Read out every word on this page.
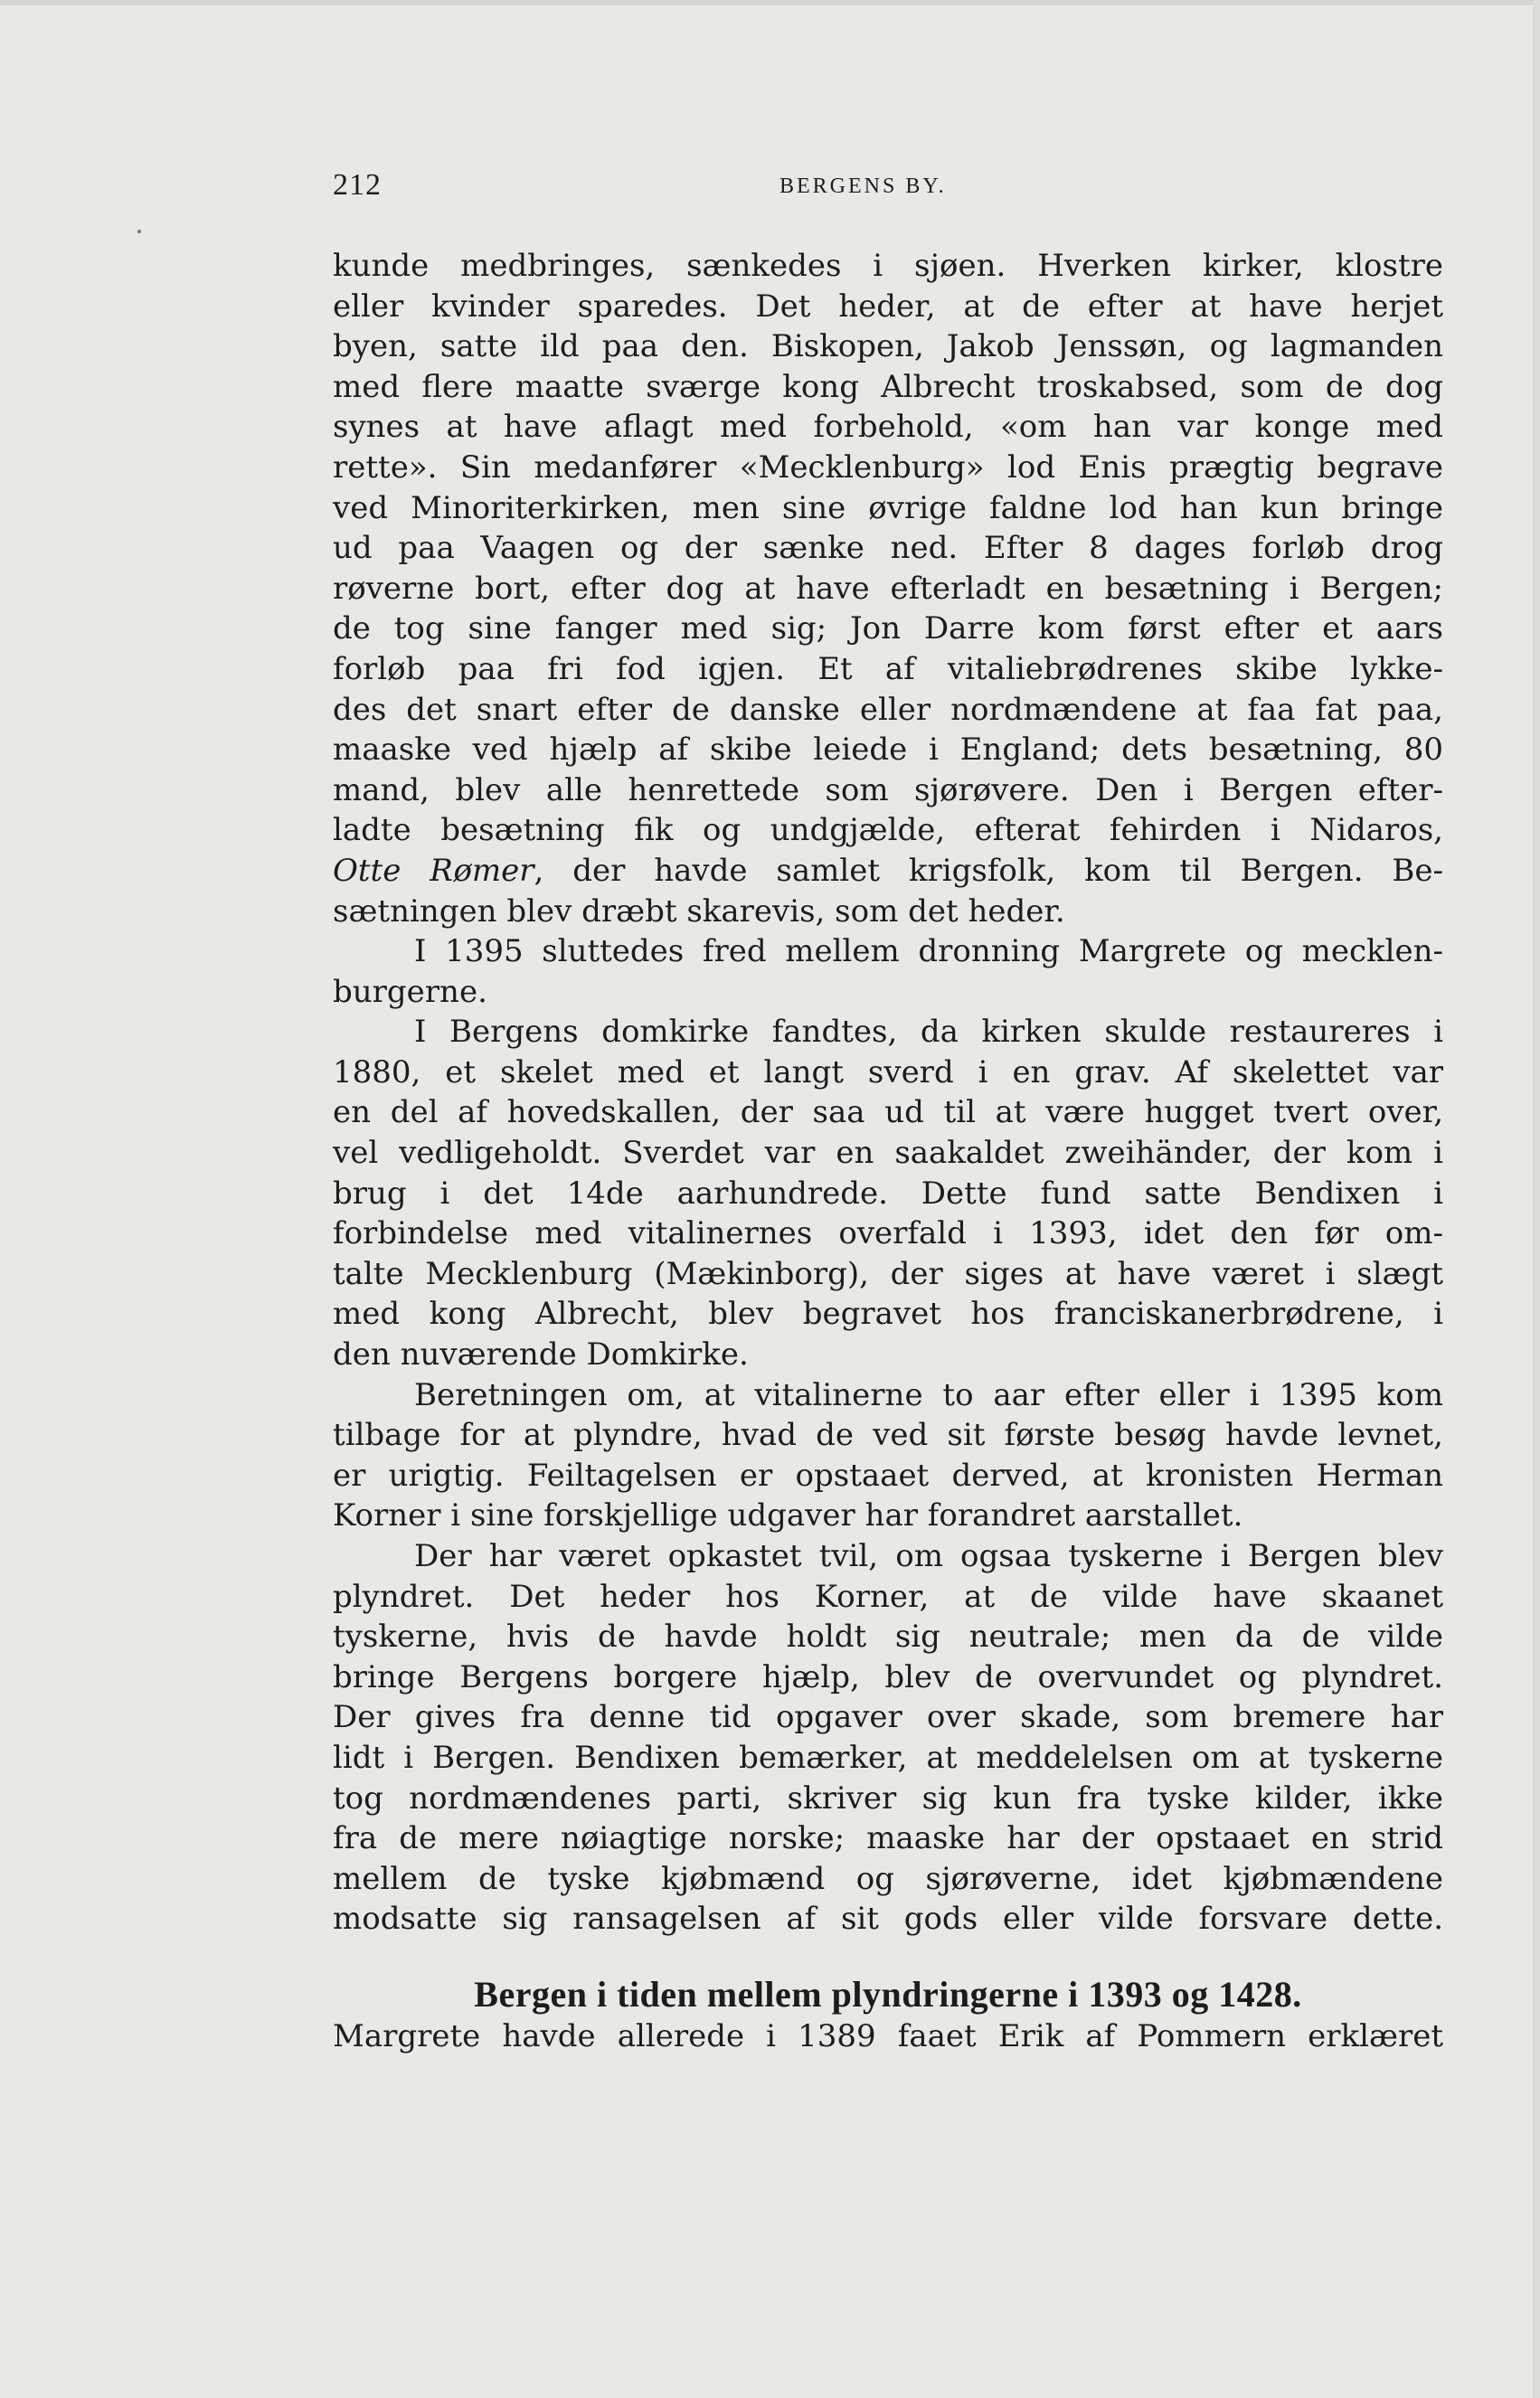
212	BERGENS BY.
kunde medbringes, sænkedes i sjøen. Hverken kirker, klostre
eller kvinder sparedes. Det heder, at de efter at have herjet
byen, satte ild paa den. Biskopen, Jakob Jenssøn, og lagmanden
med flere maatte sværge kong Albrecht troskabsed, som de dog
synes at have aflagt med forbehold, «om han var konge med
rette». Sin medanfører «Mecklenburg» lod Enis prægtig begrave
ved Minoriterkirken, men sine øvrige faldne lod han kun bringe
ud paa Vaagen og der sænke ned. Efter 8 dages forløb drog
røverne bort, efter dog at have efterladt en besætning i Bergen;
de tog sine fanger med sig; Jon Darre kom først efter et aars
forløb paa fri fod igjen. Et af vitaliebrødrenes skibe lykke-
des det snart efter de danske eller nordmændene at faa fat paa,
maaske ved hjælp af skibe leiede i England; dets besætning, 80
mand, blev alle henrettede som sjørøvere. Den i Bergen efter-
ladte besætning fik og undgjælde, efterat fehirden i Nidaros,
Otte Rømer, der havde samlet krigsfolk, kom til Bergen. Be-
sætningen blev dræbt skarevis, som det heder.
I 1395 sluttedes fred mellem dronning Margrete og mecklen-
burgerne.
I Bergens domkirke fandtes, da kirken skulde restaureres i
1880, et skelet med et langt sverd i en grav. Af skelettet var
en del af hovedskallen, der saa ud til at være hugget tvert over,
vel vedligeholdt. Sverdet var en saakaldet zweihänder, der kom i
brug i det 14de aarhundrede. Dette fund satte Bendixen i
forbindelse med vitalinernes overfald i 1393, idet den før om-
talte Mecklenburg (Mækinborg), der siges at have været i slægt
med kong Albrecht, blev begravet hos franciskanerbrødrene, i
den nuværende Domkirke.
Beretningen om, at vitalinerne to aar efter eller i 1395 kom
tilbage for at plyndre, hvad de ved sit første besøg havde levnet,
er urigtig. Feiltagelsen er opstaaet derved, at kronisten Herman
Korner i sine forskjellige udgaver har forandret aarstallet.
Der har været opkastet tvil, om ogsaa tyskerne i Bergen blev
plyndret. Det heder hos Korner, at de vilde have skaanet
tyskerne, hvis de havde holdt sig neutrale; men da de vilde
bringe Bergens borgere hjælp, blev de overvundet og plyndret.
Der gives fra denne tid opgaver over skade, som bremere har
lidt i Bergen. Bendixen bemærker, at meddelelsen om at tyskerne
tog nordmændenes parti, skriver sig kun fra tyske kilder, ikke
fra de mere nøiagtige norske; maaske har der opstaaet en strid
mellem de tyske kjøbmænd og sjørøverne, idet kjøbmændene
modsatte sig ransagelsen af sit gods eller vilde forsvare dette.
Bergen i tiden mellem plyndringerne i 1393 og 1428.
Margrete havde allerede i 1389 faaet Erik af Pommern erklæret
